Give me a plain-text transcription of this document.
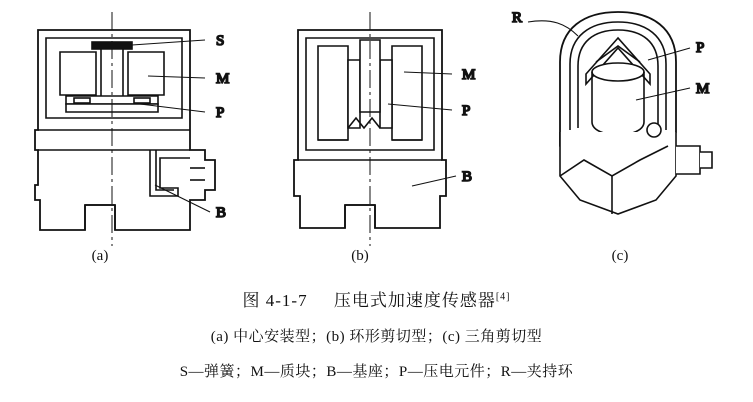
S
M
P
B
M
P
B
R
P
M
(a)	(b)	(c)
图 4-1-7 压电式加速度传感器[4]
(a) 中心安装型；(b) 环形剪切型；(c) 三角剪切型
S—弹簧；M—质块；B—基座；P—压电元件；R—夹持环
